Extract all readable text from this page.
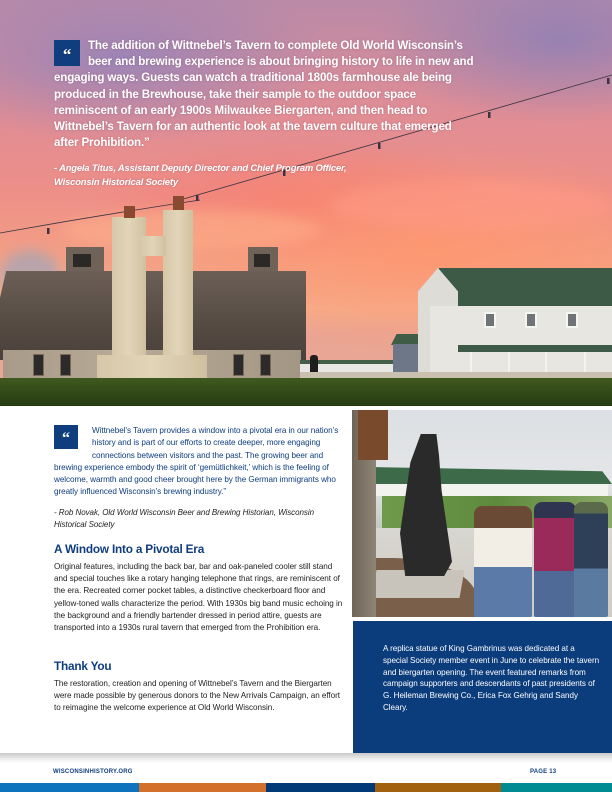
“	The addition of Wittnebel’s Tavern to complete Old World Wisconsin’s beer and brewing experience is about bringing history to life in new and engaging ways. Guests can watch a traditional 1800s farmhouse ale being produced in the Brewhouse, take their sample to the outdoor space reminiscent of an early 1900s Milwaukee Biergarten, and then head to Wittnebel’s Tavern for an authentic look at the tavern culture that emerged after Prohibition.”
- Angela Titus, Assistant Deputy Director and Chief Program Officer,
Wisconsin Historical Society
“	Wittnebel’s Tavern provides a window into a pivotal era in our nation’s history and is part of our efforts to create deeper, more engaging connections between visitors and the past. The growing beer and brewing experience embody the spirit of ‘gemütlichkeit,’ which is the feeling of welcome, warmth and good cheer brought here by the German immigrants who greatly influenced Wisconsin’s brewing industry.”
- Rob Novak, Old World Wisconsin Beer and Brewing Historian, Wisconsin Historical Society
A Window Into a Pivotal Era
Original features, including the back bar, bar and oak-paneled cooler still stand and special touches like a rotary hanging telephone that rings, are reminiscent of the era. Recreated corner pocket tables, a distinctive checkerboard floor and yellow-toned walls characterize the period. With 1930s big band music echoing in the background and a friendly bartender dressed in period attire, guests are transported into a 1930s rural tavern that emerged from the Prohibition era.
Thank You
The restoration, creation and opening of Wittnebel’s Tavern and the Biergarten were made possible by generous donors to the New Arrivals Campaign, an effort to reimagine the welcome experience at Old World Wisconsin.
A replica statue of King Gambrinus was dedicated at a special Society member event in June to celebrate the tavern and biergarten opening. The event featured remarks from campaign supporters and descendants of past presidents of G. Heileman Brewing Co., Erica Fox Gehrig and Sandy Cleary.
WISCONSINHISTORY.ORG	PAGE 13
